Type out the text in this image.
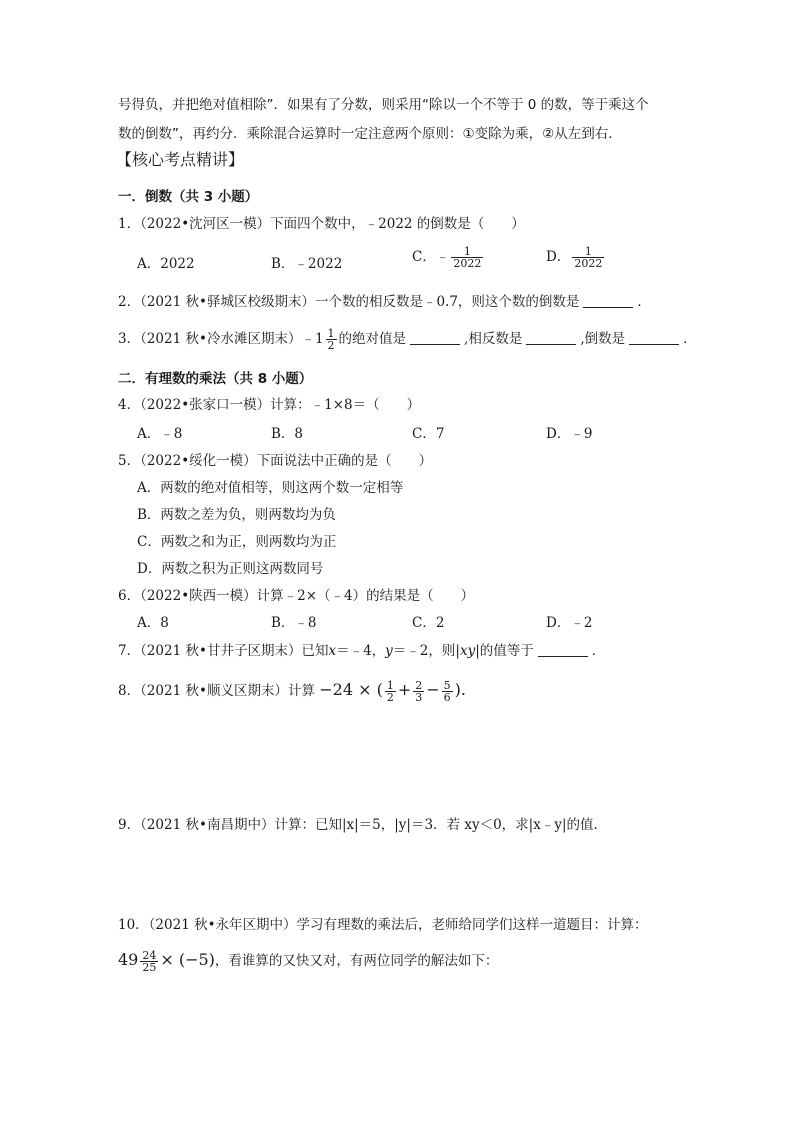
号得负，并把绝对值相除”．如果有了分数，则采用“除以一个不等于 0 的数，等于乘这个
数的倒数”，再约分．乘除混合运算时一定注意两个原则：①变除为乘，②从左到右．
【核心考点精讲】
一．倒数（共 3 小题）
1．（2022•沈河区一模）下面四个数中，﹣2022 的倒数是（　　）
A．2022	B．﹣2022	C．﹣ $\frac{1}{2022}$	D． $\frac{1}{2022}$
2．（2021 秋•驿城区校级期末）一个数的相反数是﹣0.7，则这个数的倒数是	．
3．（2021 秋•冷水滩区期末）﹣1 $\frac{1}{2}$ 的绝对值是	,相反数是	,倒数是	．
二．有理数的乘法（共 8 小题）
4．（2022•张家口一模）计算：﹣1×8＝（　　）
A．﹣8	B．8	C．7	D．﹣9
5．（2022•绥化一模）下面说法中正确的是（　　）
A．两数的绝对值相等，则这两个数一定相等
B．两数之差为负，则两数均为负
C．两数之和为正，则两数均为正
D．两数之积为正则这两数同号
6．（2022•陕西一模）计算﹣2×（﹣4）的结果是（　　）
A．8	B．﹣8	C．2	D．﹣2
7．（2021 秋•甘井子区期末）已知x＝﹣4，y＝﹣2，则|xy|的值等于	．
8．（2021 秋•顺义区期末）计算 −24 × ( $\frac{1}{2} + \frac{2}{3} - \frac{5}{6}$ ).
9．（2021 秋•南昌期中）计算：已知|x|＝5，|y|＝3．若 xy＜0，求|x﹣y|的值．
10．（2021 秋•永年区期中）学习有理数的乘法后，老师给同学们这样一道题目：计算：
$49 \frac{24}{25} \times (-5)$，看谁算的又快又对，有两位同学的解法如下：
